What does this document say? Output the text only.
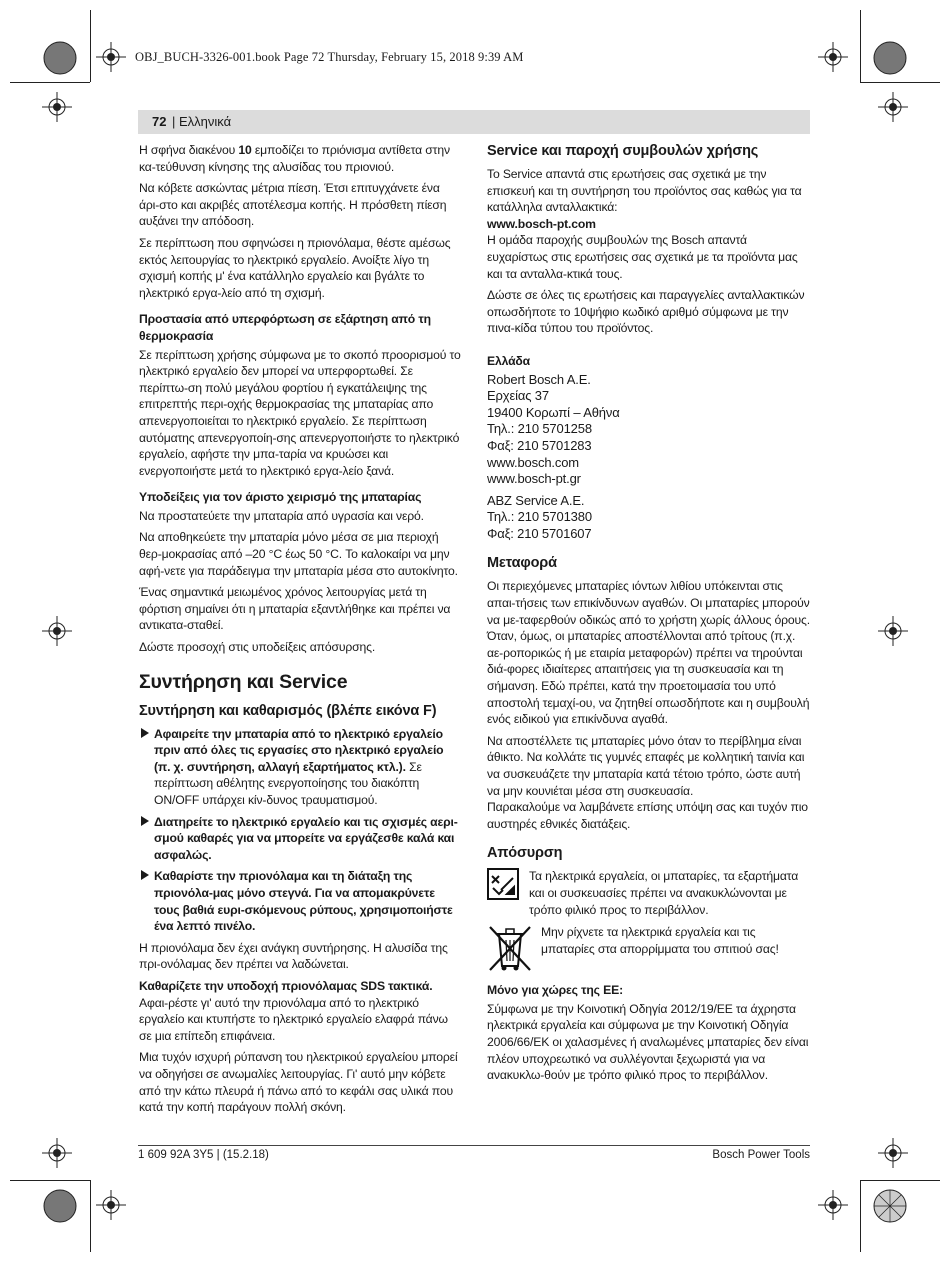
OBJ_BUCH-3326-001.book Page 72 Thursday, February 15, 2018 9:39 AM
72 | Ελληνικά

Η σφήνα διακένου 10 εμποδίζει το πριόνισμα αντίθετα στην κα-τεύθυνση κίνησης της αλυσίδας του πριονιού.

Να κόβετε ασκώντας μέτρια πίεση. Έτσι επιτυγχάνετε ένα άρι-στο και ακριβές αποτέλεσμα κοπής. Η πρόσθετη πίεση αυξάνει την απόδοση.

Σε περίπτωση που σφηνώσει η πριονόλαμα, θέστε αμέσως εκτός λειτουργίας το ηλεκτρικό εργαλείο. Ανοίξτε λίγο τη σχισμή κοπής μ' ένα κατάλληλο εργαλείο και βγάλτε το ηλεκτρικό εργα-λείο από τη σχισμή.

Προστασία από υπερφόρτωση σε εξάρτηση από τη θερμοκρασία

Σε περίπτωση χρήσης σύμφωνα με το σκοπό προορισμού το ηλεκτρικό εργαλείο δεν μπορεί να υπερφορτωθεί. Σε περίπτω-ση πολύ μεγάλου φορτίου ή εγκατάλειψης της επιτρεπτής περι-οχής θερμοκρασίας της μπαταρίας απο απενεργοποιείται το ηλεκτρικό εργαλείο. Σε περίπτωση αυτόματης απενεργοποίη-σης απενεργοποιήστε το ηλεκτρικό εργαλείο, αφήστε την μπα-ταρία να κρυώσει και ενεργοποιήστε μετά το ηλεκτρικό εργα-λείο ξανά.

Υποδείξεις για τον άριστο χειρισμό της μπαταρίας

Να προστατεύετε την μπαταρία από υγρασία και νερό.

Να αποθηκεύετε την μπαταρία μόνο μέσα σε μια περιοχή θερ-μοκρασίας από –20 °C έως 50 °C. Το καλοκαίρι να μην αφή-νετε για παράδειγμα την μπαταρία μέσα στο αυτοκίνητο.

Ένας σημαντικά μειωμένος χρόνος λειτουργίας μετά τη φόρτιση σημαίνει ότι η μπαταρία εξαντλήθηκε και πρέπει να αντικατα-σταθεί.

Δώστε προσοχή στις υποδείξεις απόσυρσης.

Συντήρηση και Service
Συντήρηση και καθαρισμός (βλέπε εικόνα F)
Αφαιρείτε την μπαταρία από το ηλεκτρικό εργαλείο πριν από όλες τις εργασίες στο ηλεκτρικό εργαλείο (π. χ. συντήρηση, αλλαγή εξαρτήματος κτλ.). Σε περίπτωση αθέλητης ενεργοποίησης του διακόπτη ON/OFF υπάρχει κίν-δυνος τραυματισμού.
Διατηρείτε το ηλεκτρικό εργαλείο και τις σχισμές αερι-σμού καθαρές για να μπορείτε να εργάζεσθε καλά και ασφαλώς.
Καθαρίστε την πριονόλαμα και τη διάταξη της πριονόλα-μας μόνο στεγνά. Για να απομακρύνετε τους βαθιά ευρι-σκόμενους ρύπους, χρησιμοποιήστε ένα λεπτό πινέλο.

Η πριονόλαμα δεν έχει ανάγκη συντήρησης. Η αλυσίδα της πρι-ονόλαμας δεν πρέπει να λαδώνεται.

Καθαρίζετε την υποδοχή πριονόλαμας SDS τακτικά. Αφαι-ρέστε γι' αυτό την πριονόλαμα από το ηλεκτρικό εργαλείο και κτυπήστε το ηλεκτρικό εργαλείο ελαφρά πάνω σε μια επίπεδη επιφάνεια.

Μια τυχόν ισχυρή ρύπανση του ηλεκτρικού εργαλείου μπορεί να οδηγήσει σε ανωμαλίες λειτουργίας. Γι' αυτό μην κόβετε από την κάτω πλευρά ή πάνω από το κεφάλι σας υλικά που κατά την κοπή παράγουν πολλή σκόνη.

Service και παροχή συμβουλών χρήσης

Το Service απαντά στις ερωτήσεις σας σχετικά με την επισκευή και τη συντήρηση του προϊόντος σας καθώς για τα κατάλληλα ανταλλακτικά:
www.bosch-pt.com

Η ομάδα παροχής συμβουλών της Bosch απαντά ευχαρίστως στις ερωτήσεις σας σχετικά με τα προϊόντα μας και τα ανταλλα-κτικά τους.

Δώστε σε όλες τις ερωτήσεις και παραγγελίες ανταλλακτικών οπωσδήποτε το 10ψήφιο κωδικό αριθμό σύμφωνα με την πινα-κίδα τύπου του προϊόντος.

Ελλάδα
Robert Bosch A.E.
Ερχείας 37
19400 Κορωπί – Αθήνα
Τηλ.: 210 5701258
Φαξ: 210 5701283
www.bosch.com
www.bosch-pt.gr
ABZ Service A.E.
Τηλ.: 210 5701380
Φαξ: 210 5701607
Μεταφορά

Οι περιεχόμενες μπαταρίες ιόντων λιθίου υπόκεινται στις απαι-τήσεις των επικίνδυνων αγαθών. Οι μπαταρίες μπορούν να με-ταφερθούν οδικώς από το χρήστη χωρίς άλλους όρους.

Όταν, όμως, οι μπαταρίες αποστέλλονται από τρίτους (π.χ. αε-ροπορικώς ή με εταιρία μεταφορών) πρέπει να τηρούνται διά-φορες ιδιαίτερες απαιτήσεις για τη συσκευασία και τη σήμανση. Εδώ πρέπει, κατά την προετοιμασία του υπό αποστολή τεμαχί-ου, να ζητηθεί οπωσδήποτε και η συμβουλή ενός ειδικού για επικίνδυνα αγαθά.

Να αποστέλλετε τις μπαταρίες μόνο όταν το περίβλημα είναι άθικτο. Να κολλάτε τις γυμνές επαφές με κολλητική ταινία και να συσκευάζετε την μπαταρία κατά τέτοιο τρόπο, ώστε αυτή να μην κουνιέται μέσα στη συσκευασία.

Παρακαλούμε να λαμβάνετε επίσης υπόψη σας και τυχόν πιο αυστηρές εθνικές διατάξεις.

Απόσυρση
Τα ηλεκτρικά εργαλεία, οι μπαταρίες, τα εξαρτήματα και οι συσκευασίες πρέπει να ανακυκλώνονται με τρόπο φιλικό προς το περιβάλλον.
Μην ρίχνετε τα ηλεκτρικά εργαλεία και τις μπαταρίες στα απορρίμματα του σπιτιού σας!
Μόνο για χώρες της ΕΕ:

Σύμφωνα με την Κοινοτική Οδηγία 2012/19/ΕΕ τα άχρηστα ηλεκτρικά εργαλεία και σύμφωνα με την Κοινοτική Οδηγία 2006/66/ΕΚ οι χαλασμένες ή αναλωμένες μπαταρίες δεν είναι πλέον υποχρεωτικό να συλλέγονται ξεχωριστά για να ανακυκλω-θούν με τρόπο φιλικό προς το περιβάλλον.

1 609 92A 3Y5 | (15.2.18)	Bosch Power Tools
